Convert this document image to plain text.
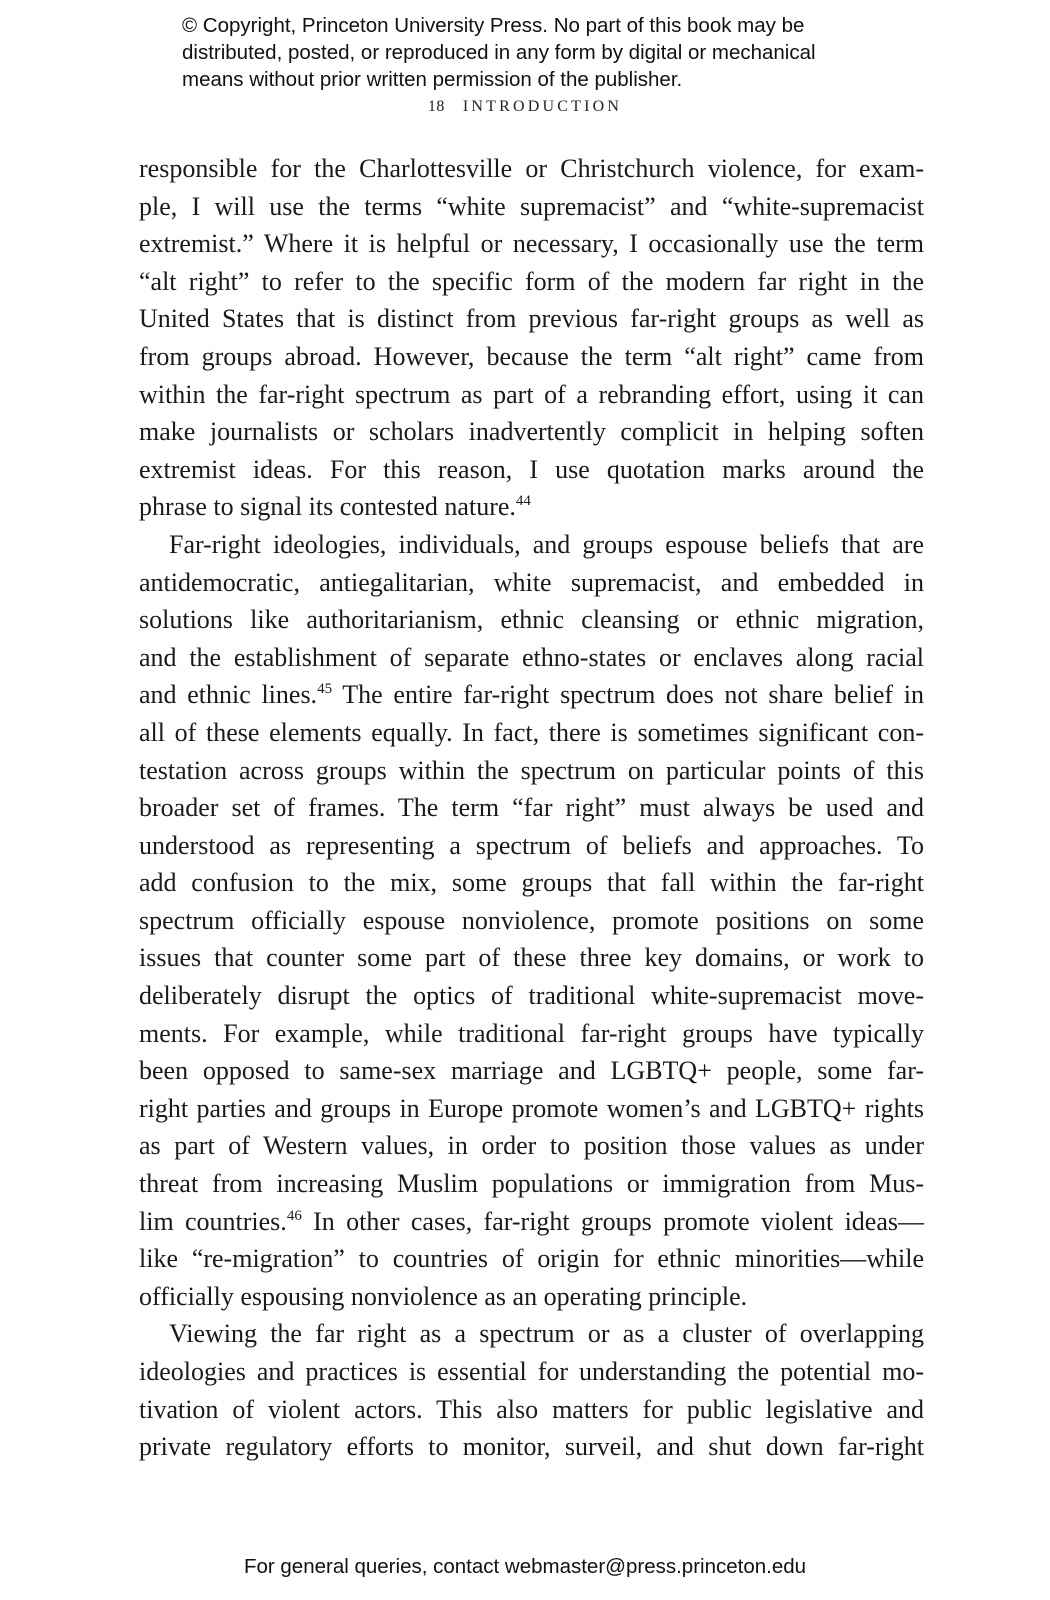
© Copyright, Princeton University Press. No part of this book may be
distributed, posted, or reproduced in any form by digital or mechanical
means without prior written permission of the publisher.
18 INTRODUCTION
responsible for the Charlottesville or Christchurch violence, for exam-
ple, I will use the terms “white supremacist” and “white-supremacist
extremist.” Where it is helpful or necessary, I occasionally use the term
“alt right” to refer to the specific form of the modern far right in the
United States that is distinct from previous far-right groups as well as
from groups abroad. However, because the term “alt right” came from
within the far-right spectrum as part of a rebranding effort, using it can
make journalists or scholars inadvertently complicit in helping soften
extremist ideas. For this reason, I use quotation marks around the
phrase to signal its contested nature.$^{44}$
Far-right ideologies, individuals, and groups espouse beliefs that are
antidemocratic, antiegalitarian, white supremacist, and embedded in
solutions like authoritarianism, ethnic cleansing or ethnic migration,
and the establishment of separate ethno-states or enclaves along racial
and ethnic lines.$^{45}$ The entire far-right spectrum does not share belief in
all of these elements equally. In fact, there is sometimes significant con-
testation across groups within the spectrum on particular points of this
broader set of frames. The term “far right” must always be used and
understood as representing a spectrum of beliefs and approaches. To
add confusion to the mix, some groups that fall within the far-right
spectrum officially espouse nonviolence, promote positions on some
issues that counter some part of these three key domains, or work to
deliberately disrupt the optics of traditional white-supremacist move-
ments. For example, while traditional far-right groups have typically
been opposed to same-sex marriage and LGBTQ+ people, some far-
right parties and groups in Europe promote women’s and LGBTQ+ rights
as part of Western values, in order to position those values as under
threat from increasing Muslim populations or immigration from Mus-
lim countries.$^{46}$ In other cases, far-right groups promote violent ideas—
like “re-migration” to countries of origin for ethnic minorities—while
officially espousing nonviolence as an operating principle.
Viewing the far right as a spectrum or as a cluster of overlapping
ideologies and practices is essential for understanding the potential mo-
tivation of violent actors. This also matters for public legislative and
private regulatory efforts to monitor, surveil, and shut down far-right
For general queries, contact webmaster@press.princeton.edu
